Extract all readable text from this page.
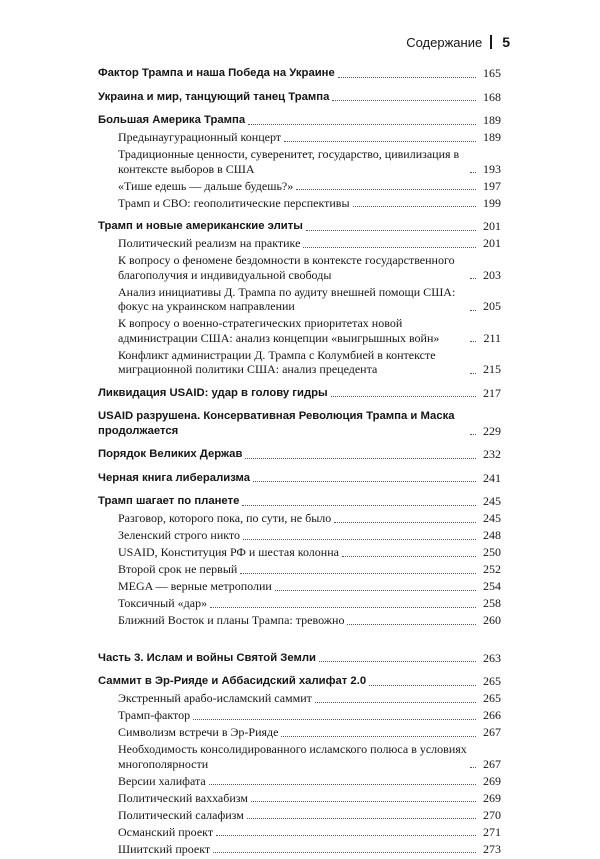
Содержание 5
Фактор Трампа и наша Победа на Украине	165
Украина и мир, танцующий танец Трампа	168
Большая Америка Трампа	189
Предынаугурационный концерт	189
Традиционные ценности, суверенитет, государство, цивилизация в контексте выборов в США	193
«Тише едешь — дальше будешь?»	197
Трамп и СВО: геополитические перспективы	199
Трамп и новые американские элиты	201
Политический реализм на практике	201
К вопросу о феномене бездомности в контексте государственного благополучия и индивидуальной свободы	203
Анализ инициативы Д. Трампа по аудиту внешней помощи США: фокус на украинском направлении	205
К вопросу о военно-стратегических приоритетах новой администрации США: анализ концепции «выигрышных войн»	211
Конфликт администрации Д. Трампа с Колумбией в контексте миграционной политики США: анализ прецедента	215
Ликвидация USAID: удар в голову гидры	217
USAID разрушена. Консервативная Революция Трампа и Маска продолжается	229
Порядок Великих Держав	232
Черная книга либерализма	241
Трамп шагает по планете	245
Разговор, которого пока, по сути, не было	245
Зеленский строго никто	248
USAID, Конституция РФ и шестая колонна	250
Второй срок не первый	252
MEGA — верные метрополии	254
Токсичный «дар»	258
Ближний Восток и планы Трампа: тревожно	260
Часть 3. Ислам и войны Святой Земли	263
Саммит в Эр-Рияде и Аббасидский халифат 2.0	265
Экстренный арабо-исламский саммит	265
Трамп-фактор	266
Символизм встречи в Эр-Рияде	267
Необходимость консолидированного исламского полюса в условиях многополярности	267
Версии халифата	269
Политический ваххабизм	269
Политический салафизм	270
Османский проект	271
Шиитский проект	273
